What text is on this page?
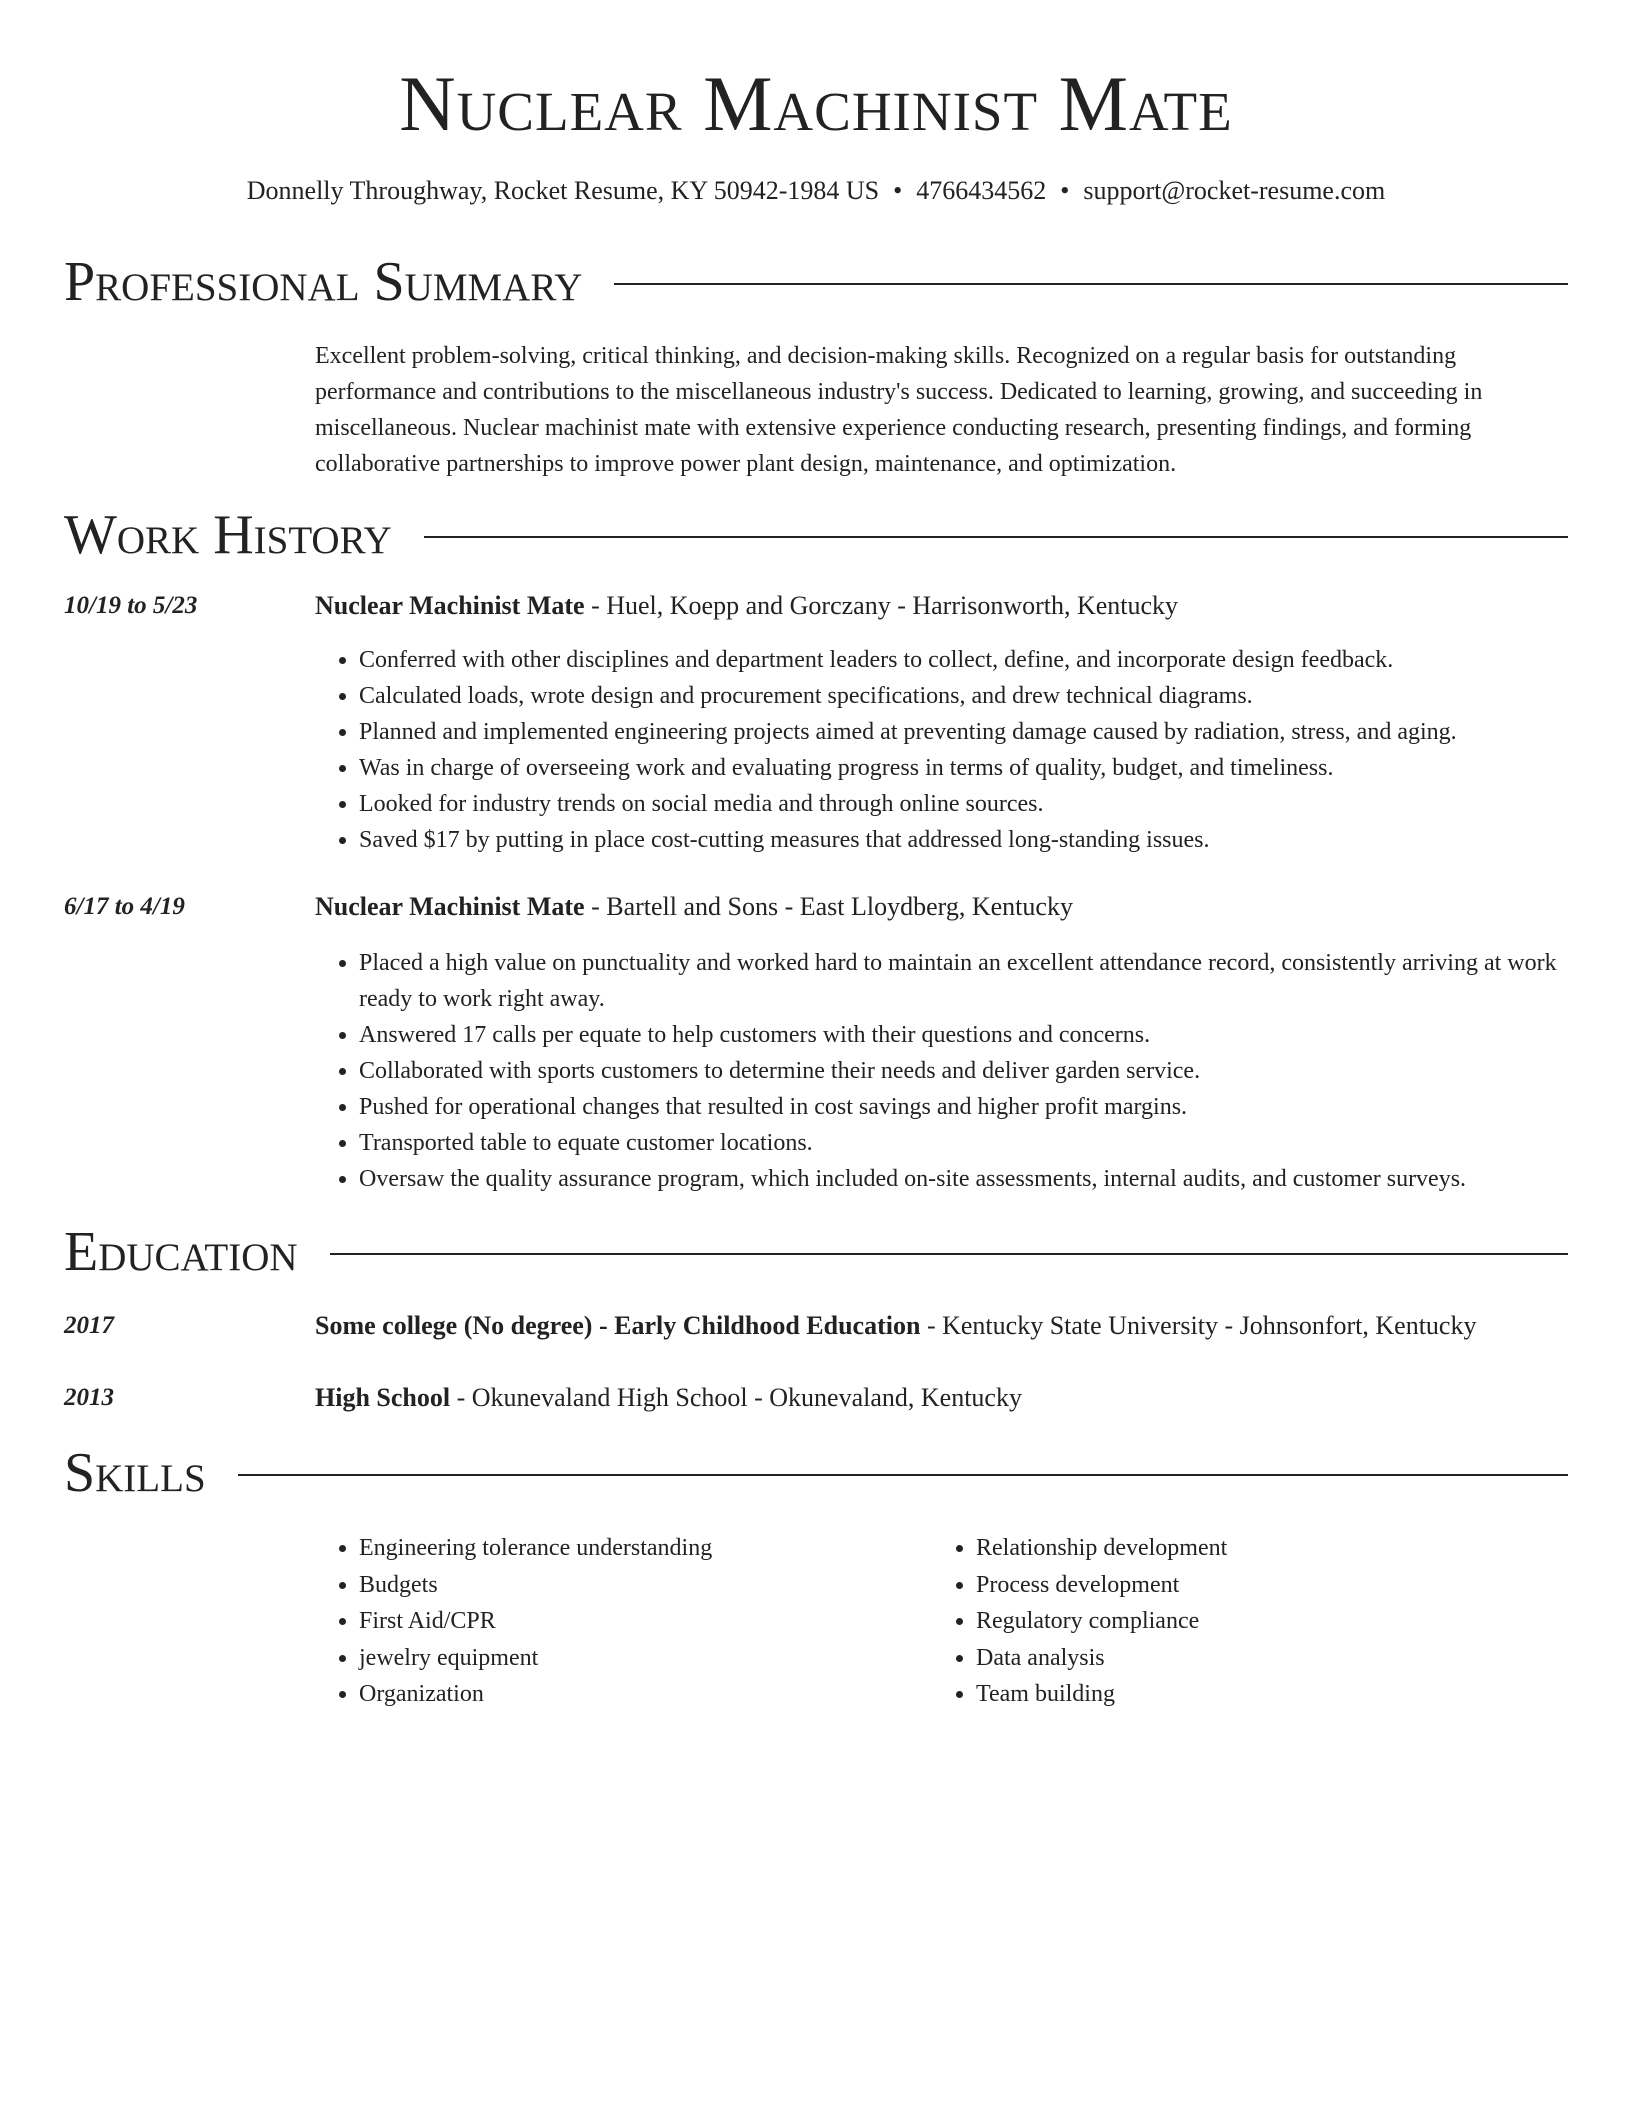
Nuclear Machinist Mate
Donnelly Throughway, Rocket Resume, KY 50942-1984 US • 4766434562 • support@rocket-resume.com
Professional Summary
Excellent problem-solving, critical thinking, and decision-making skills. Recognized on a regular basis for outstanding performance and contributions to the miscellaneous industry's success. Dedicated to learning, growing, and succeeding in miscellaneous. Nuclear machinist mate with extensive experience conducting research, presenting findings, and forming collaborative partnerships to improve power plant design, maintenance, and optimization.
Work History
10/19 to 5/23	Nuclear Machinist Mate - Huel, Koepp and Gorczany - Harrisonworth, Kentucky
• Conferred with other disciplines and department leaders to collect, define, and incorporate design feedback.
• Calculated loads, wrote design and procurement specifications, and drew technical diagrams.
• Planned and implemented engineering projects aimed at preventing damage caused by radiation, stress, and aging.
• Was in charge of overseeing work and evaluating progress in terms of quality, budget, and timeliness.
• Looked for industry trends on social media and through online sources.
• Saved $17 by putting in place cost-cutting measures that addressed long-standing issues.
6/17 to 4/19	Nuclear Machinist Mate - Bartell and Sons - East Lloydberg, Kentucky
• Placed a high value on punctuality and worked hard to maintain an excellent attendance record, consistently arriving at work ready to work right away.
• Answered 17 calls per equate to help customers with their questions and concerns.
• Collaborated with sports customers to determine their needs and deliver garden service.
• Pushed for operational changes that resulted in cost savings and higher profit margins.
• Transported table to equate customer locations.
• Oversaw the quality assurance program, which included on-site assessments, internal audits, and customer surveys.
Education
2017	Some college (No degree) - Early Childhood Education - Kentucky State University - Johnsonfort, Kentucky
2013	High School - Okunevaland High School - Okunevaland, Kentucky
Skills
• Engineering tolerance understanding
• Budgets
• First Aid/CPR
• jewelry equipment
• Organization
• Relationship development
• Process development
• Regulatory compliance
• Data analysis
• Team building
